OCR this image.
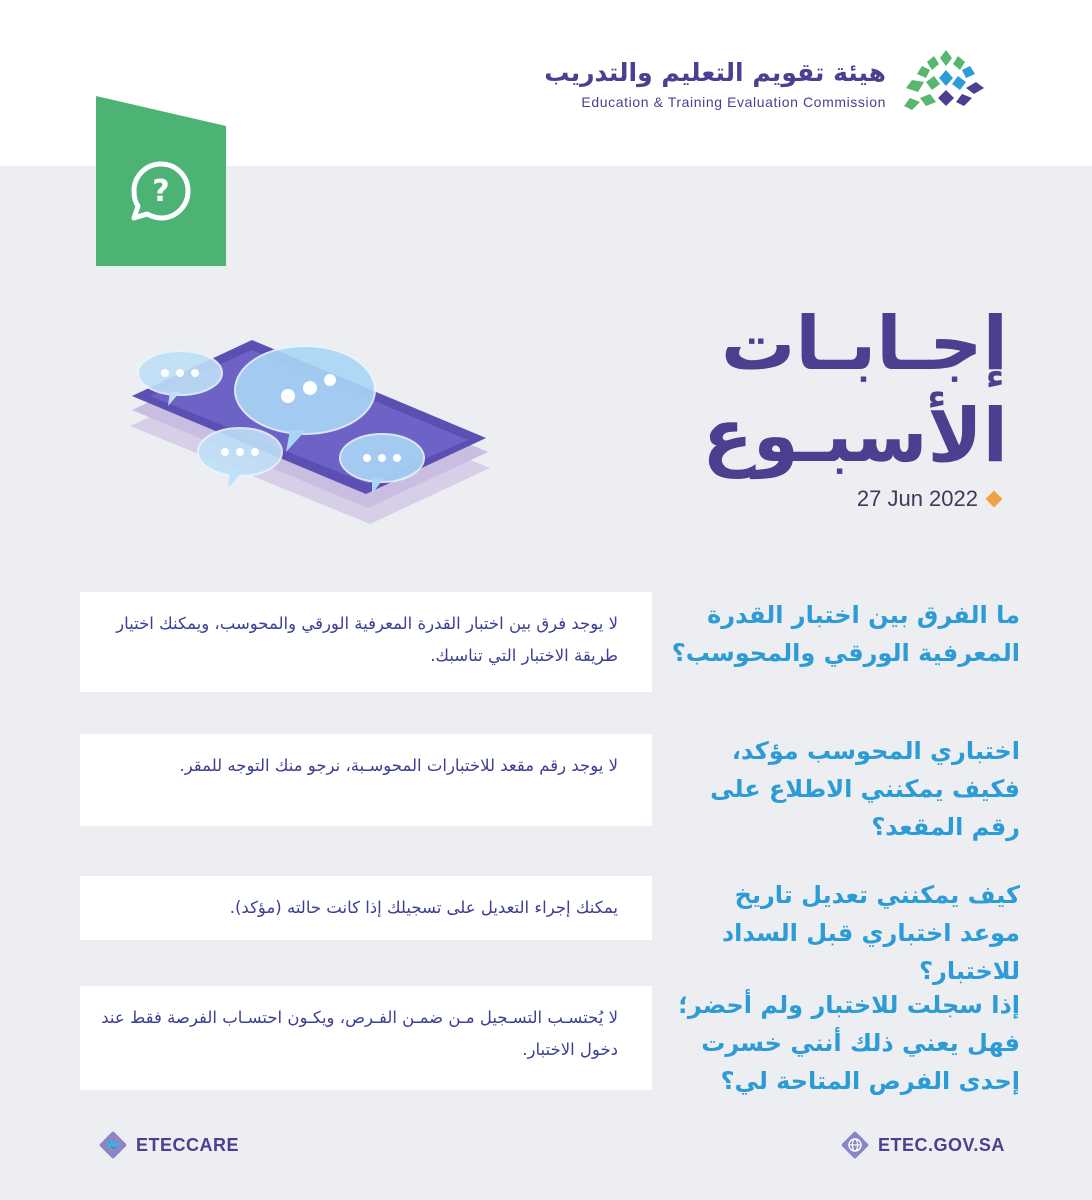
هيئة تقويم التعليم والتدريب
Education & Training Evaluation Commission
?
إجـابـات
الأسبـوع
27 Jun 2022
ما الفرق بين اختبار القدرة المعرفية الورقي والمحوسب؟
لا يوجد فرق بين اختبار القدرة المعرفية الورقي والمحوسب، ويمكنك اختيار طريقة الاختبار التي تناسبك.
اختباري المحوسب مؤكد، فكيف يمكنني الاطلاع على رقم المقعد؟
لا يوجد رقم مقعد للاختبارات المحوسـبة، نرجو منك التوجه للمقر.
كيف يمكنني تعديل تاريخ موعد اختباري قبل السداد للاختبار؟
يمكنك إجراء التعديل على تسجيلك إذا كانت حالته (مؤكد).
إذا سجلت للاختبار ولم أحضر؛ فهل يعني ذلك أنني خسرت إحدى الفرص المتاحة لي؟
لا يُحتسـب التسـجيل مـن ضمـن الفـرص، ويكـون احتسـاب الفرصة فقط عند دخول الاختبار.
🐦 ETECCARE	ETEC.GOV.SA
